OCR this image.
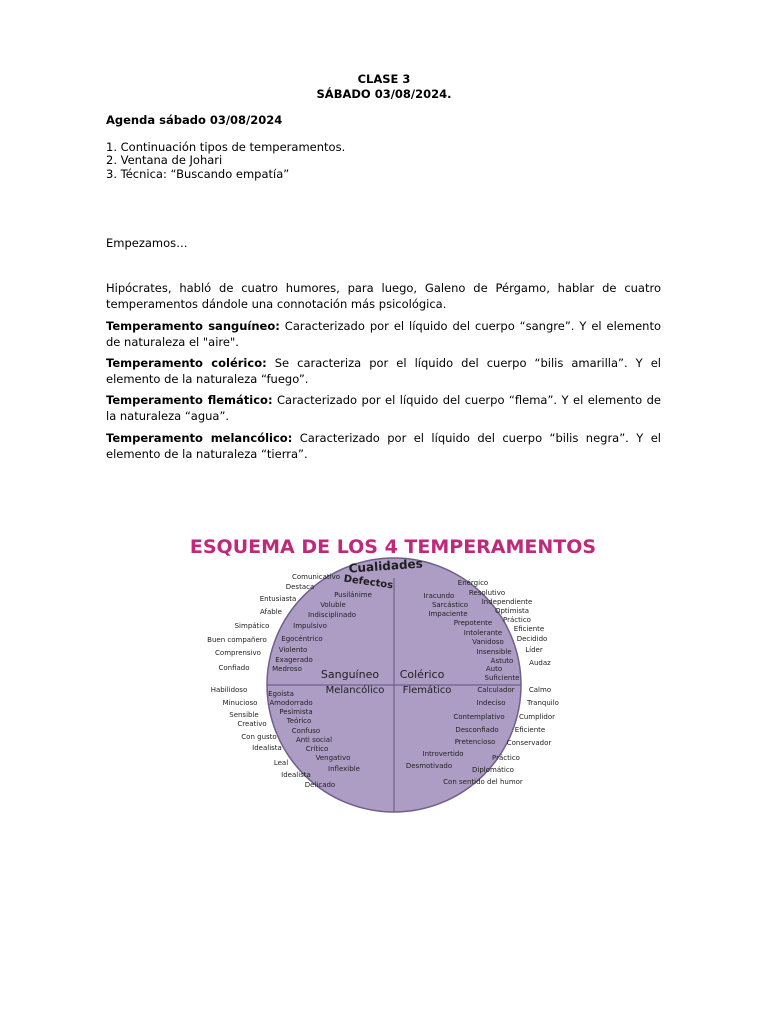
CLASE 3
SÁBADO 03/08/2024.
Agenda sábado 03/08/2024
1. Continuación tipos de temperamentos.
2. Ventana de Johari
3. Técnica: “Buscando empatía”
Empezamos…
Hipócrates, habló de cuatro humores, para luego, Galeno de Pérgamo, hablar de cuatro temperamentos dándole una connotación más psicológica.
Temperamento sanguíneo: Caracterizado por el líquido del cuerpo “sangre”. Y el elemento de naturaleza el "aire".
Temperamento colérico: Se caracteriza por el líquido del cuerpo “bilis amarilla”. Y el elemento de la naturaleza “fuego”.
Temperamento flemático: Caracterizado por el líquido del cuerpo “flema”. Y el elemento de la naturaleza “agua”.
Temperamento melancólico: Caracterizado por el líquido del cuerpo “bilis negra”. Y el elemento de la naturaleza “tierra”.
ESQUEMA DE LOS 4 TEMPERAMENTOS
Cualidades
Defectos
Sanguíneo Colérico
Melancólico Flemático
Comunicativo
Destaca
Entusiasta
Afable
Simpático
Buen compañero
Comprensivo
Confiado
Pusilánime
Voluble
Indisciplinado
Impulsivo
Egocéntrico
Violento
Exagerado
Medroso
Enérgico
Resolutivo
Independiente
Optimista
Práctico
Eficiente
Decidido
Líder
Audaz
Iracundo
Sarcástico
Impaciente
Prepotente
Intolerante
Vanidoso
Insensible
Astuto
Auto
Suficiente
Habilidoso
Minucioso
Sensible
Creativo
Con gusto
Idealista
Leal
Idealista
Delicado
Egoísta
Amodorrado
Pesimista
Teórico
Confuso
Anti social
Crítico
Vengativo
Inflexible
Calmo
Tranquilo
Cumplidor
Eficiente
Conservador
Práctico
Diplomático
Con sentido del humor
Calculador
Indeciso
Contemplativo
Desconfiado
Pretencioso
Introvertido
Desmotivado
